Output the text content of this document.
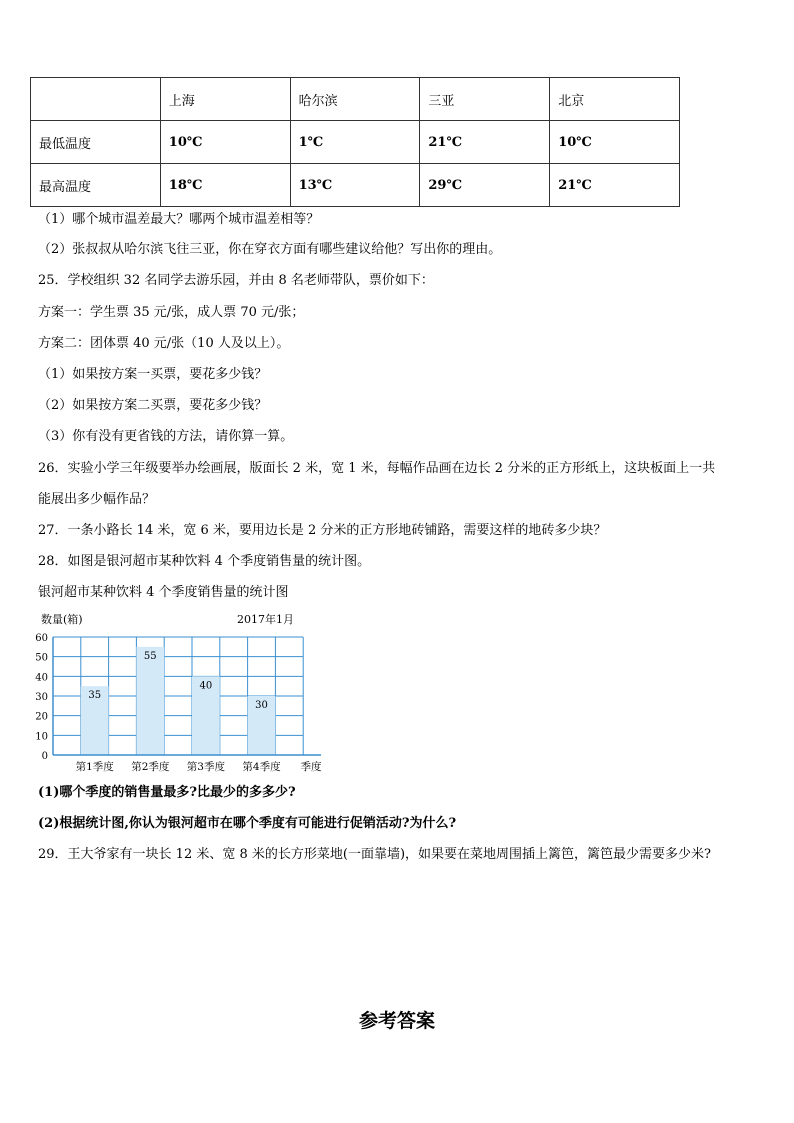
	上海	哈尔滨	三亚	北京
最低温度	10℃	1℃	21℃	10℃
最高温度	18℃	13℃	29℃	21℃
（1）哪个城市温差最大？哪两个城市温差相等？
（2）张叔叔从哈尔滨飞往三亚，你在穿衣方面有哪些建议给他？写出你的理由。
25．学校组织 32 名同学去游乐园，并由 8 名老师带队，票价如下：
方案一：学生票 35 元/张，成人票 70 元/张；
方案二：团体票 40 元/张（10 人及以上）。
（1）如果按方案一买票，要花多少钱？
（2）如果按方案二买票，要花多少钱？
（3）你有没有更省钱的方法，请你算一算。
26．实验小学三年级要举办绘画展，版面长 2 米，宽 1 米，每幅作品画在边长 2 分米的正方形纸上，这块板面上一共
能展出多少幅作品？
27．一条小路长 14 米，宽 6 米，要用边长是 2 分米的正方形地砖铺路，需要这样的地砖多少块？
28．如图是银河超市某种饮料 4 个季度销售量的统计图。
银河超市某种饮料 4 个季度销售量的统计图
数量(箱)	2017年1月
0
10
20
30
40
50
60
35
第1季度
55
第2季度
40
第3季度
30
第4季度 季度
(1)哪个季度的销售量最多?比最少的多多少?
(2)根据统计图,你认为银河超市在哪个季度有可能进行促销活动?为什么?
29．王大爷家有一块长 12 米、宽 8 米的长方形菜地(一面靠墙)，如果要在菜地周围插上篱笆，篱笆最少需要多少米?
参考答案
